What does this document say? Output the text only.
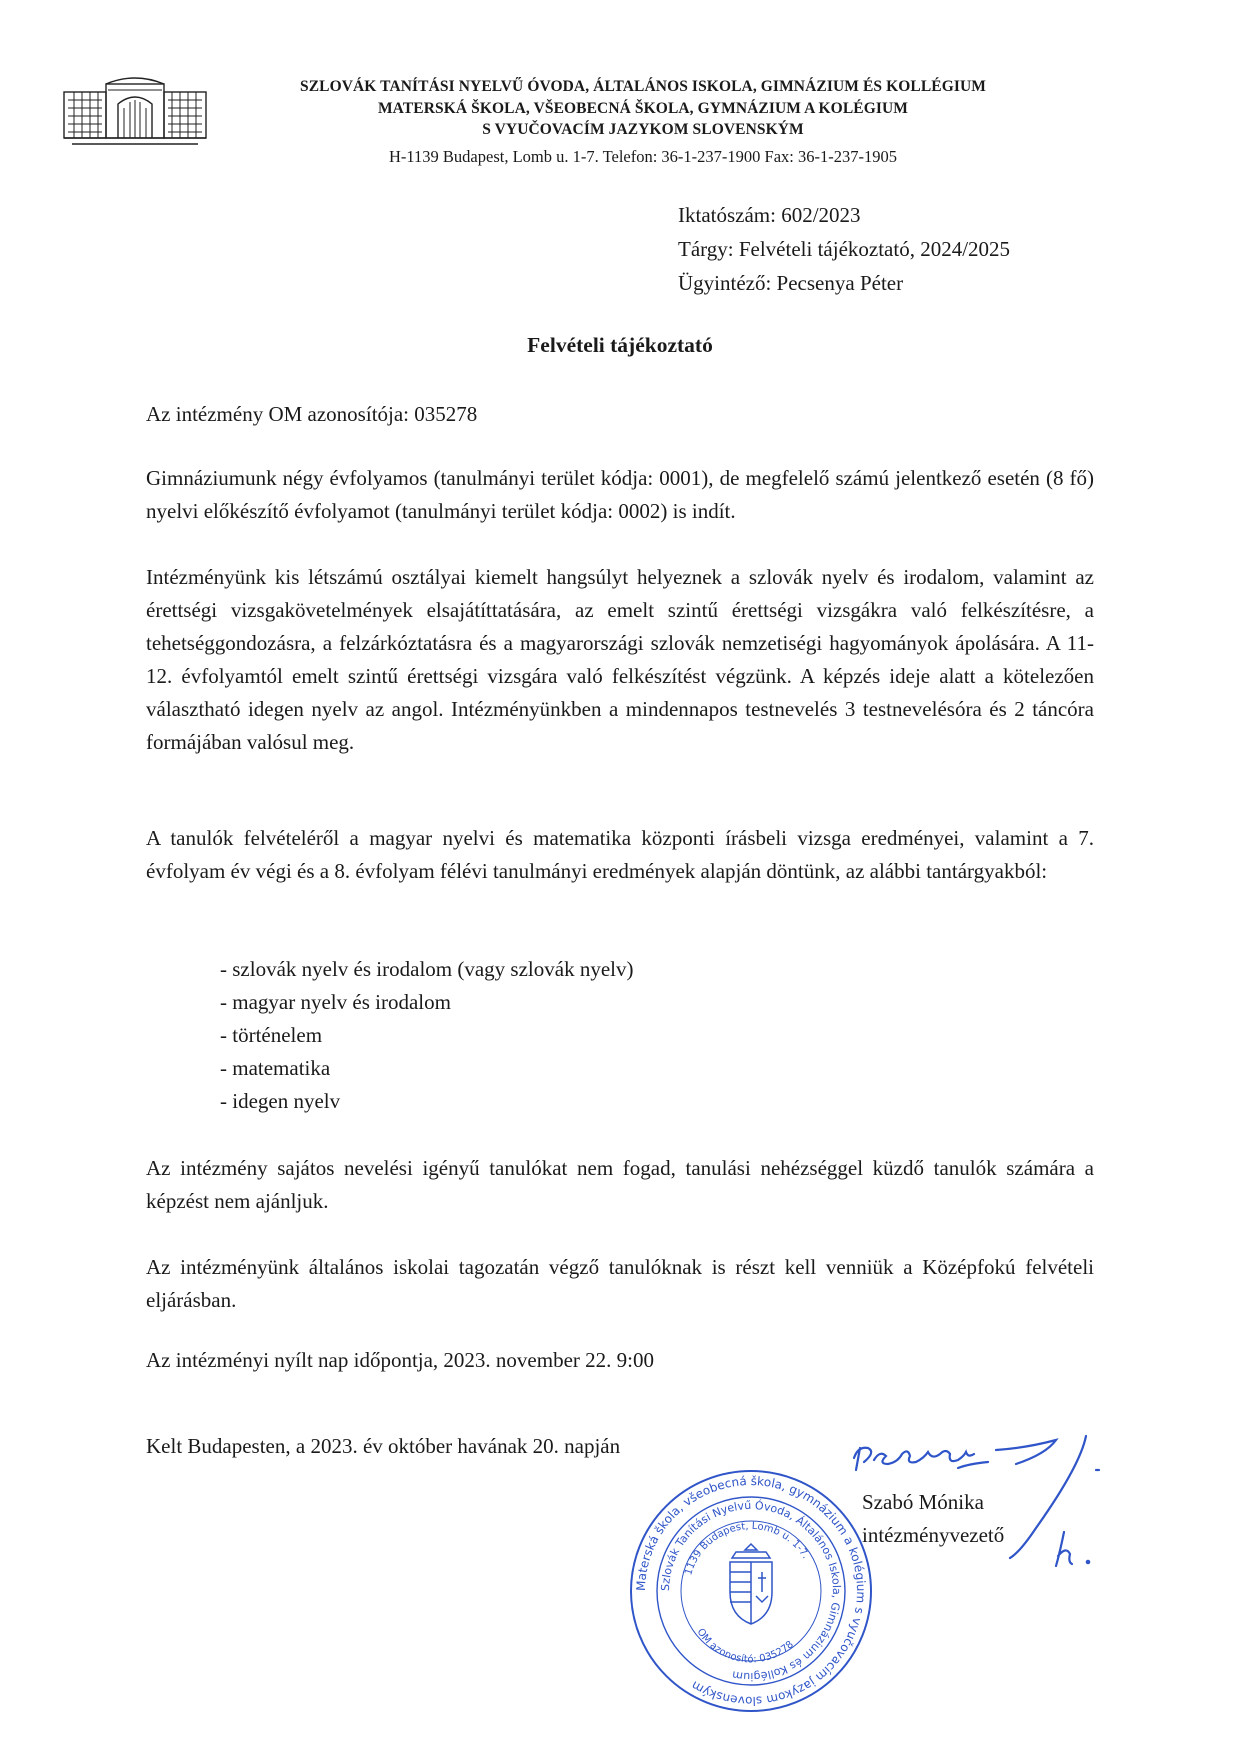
SZLOVÁK TANÍTÁSI NYELVŰ ÓVODA, ÁLTALÁNOS ISKOLA, GIMNÁZIUM ÉS KOLLÉGIUM
MATERSKÁ ŠKOLA, VŠEOBECNÁ ŠKOLA, GYMNÁZIUM A KOLÉGIUM
S VYUČOVACÍM JAZYKOM SLOVENSKÝM
H-1139 Budapest, Lomb u. 1-7. Telefon: 36-1-237-1900 Fax: 36-1-237-1905
Iktatószám: 602/2023
Tárgy: Felvételi tájékoztató, 2024/2025
Ügyintéző: Pecsenya Péter
Felvételi tájékoztató

Az intézmény OM azonosítója: 035278

Gimnáziumunk négy évfolyamos (tanulmányi terület kódja: 0001), de megfelelő számú jelentkező esetén (8 fő) nyelvi előkészítő évfolyamot (tanulmányi terület kódja: 0002) is indít.

Intézményünk kis létszámú osztályai kiemelt hangsúlyt helyeznek a szlovák nyelv és irodalom, valamint az érettségi vizsgakövetelmények elsajátíttatására, az emelt szintű érettségi vizsgákra való felkészítésre, a tehetséggondozásra, a felzárkóztatásra és a magyarországi szlovák nemzetiségi hagyományok ápolására. A 11-12. évfolyamtól emelt szintű érettségi vizsgára való felkészítést végzünk. A képzés ideje alatt a kötelezően választható idegen nyelv az angol. Intézményünkben a mindennapos testnevelés 3 testnevelésóra és 2 táncóra formájában valósul meg.

A tanulók felvételéről a magyar nyelvi és matematika központi írásbeli vizsga eredményei, valamint a 7. évfolyam év végi és a 8. évfolyam félévi tanulmányi eredmények alapján döntünk, az alábbi tantárgyakból:

- szlovák nyelv és irodalom (vagy szlovák nyelv)
- magyar nyelv és irodalom
- történelem
- matematika
- idegen nyelv

Az intézmény sajátos nevelési igényű tanulókat nem fogad, tanulási nehézséggel küzdő tanulók számára a képzést nem ajánljuk.

Az intézményünk általános iskolai tagozatán végző tanulóknak is részt kell venniük a Középfokú felvételi eljárásban.

Az intézményi nyílt nap időpontja, 2023. november 22. 9:00

Kelt Budapesten, a 2023. év október havának 20. napján

Materská škola, všeobecná škola, gymnázium a kolégium s vyučovacím jazykom slovenským
Szlovák Tanítási Nyelvű Óvoda, Általános Iskola, Gimnázium és Kollégium
1139 Budapest, Lomb u. 1-7.
OM azonosító: 035278
Szabó Mónika
intézményvezető
